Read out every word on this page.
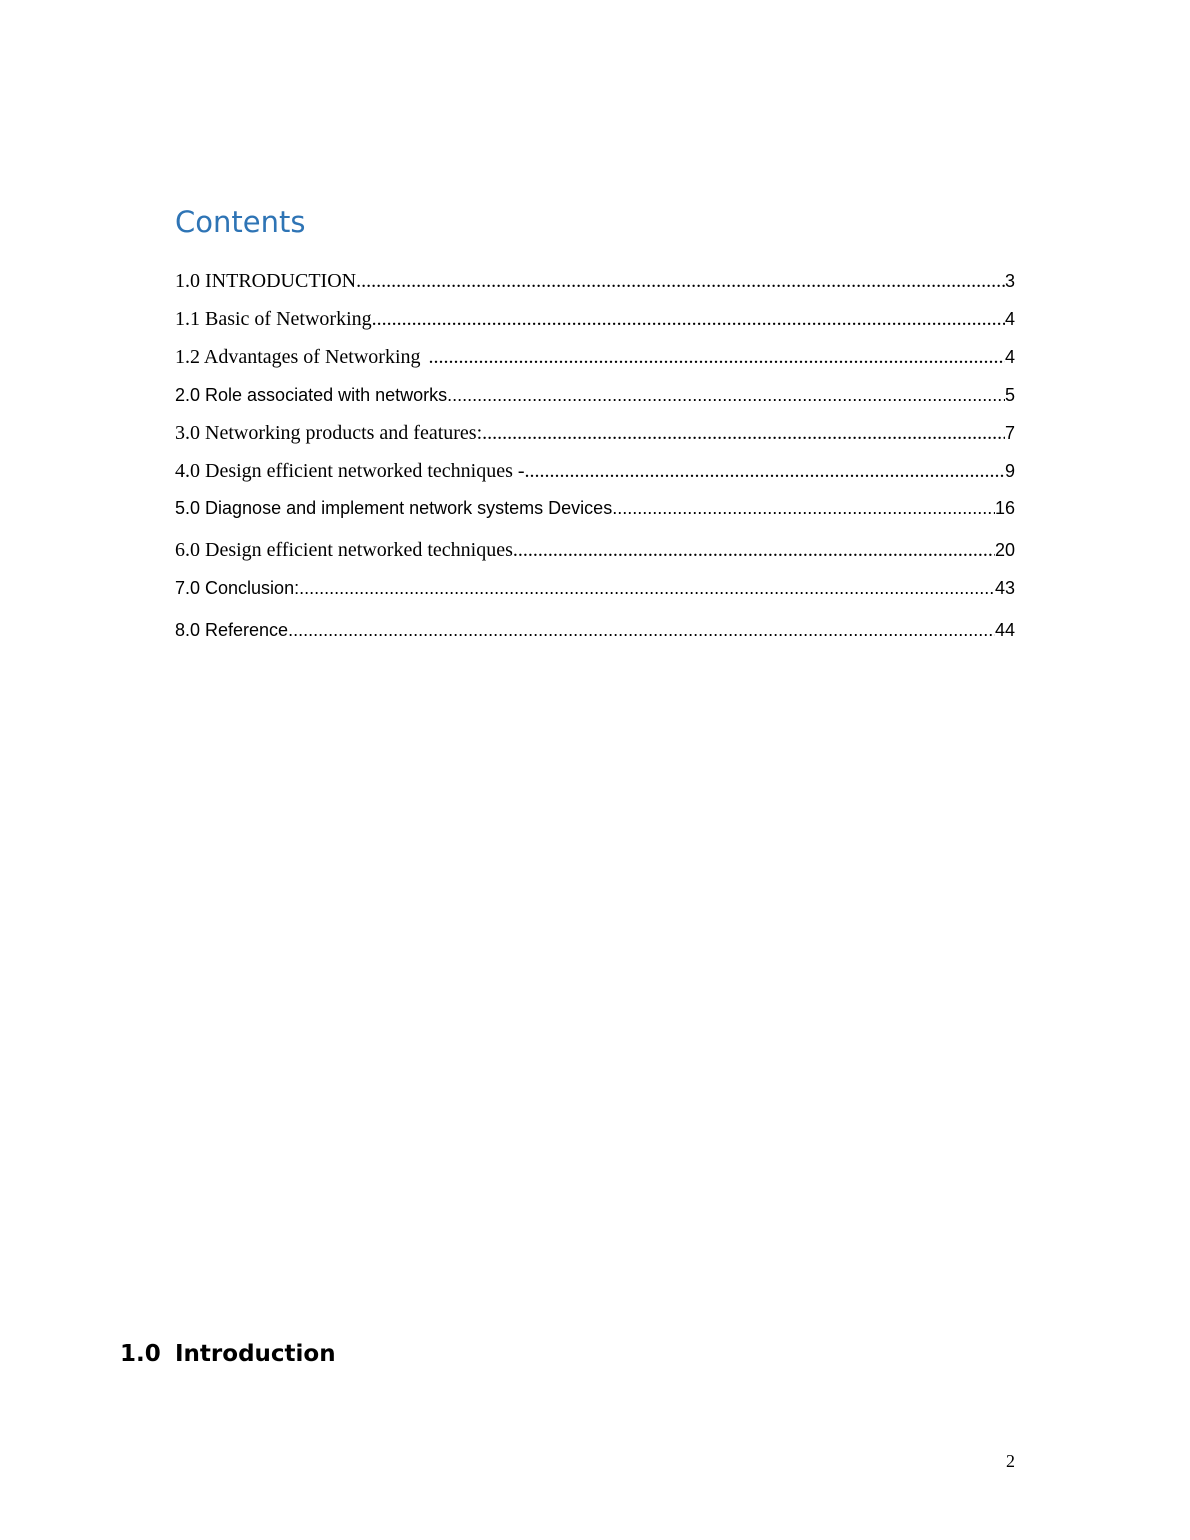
Contents
1.0 INTRODUCTION .....	3
1.1 Basic of Networking .....	4
1.2 Advantages of Networking .....	4
2.0 Role associated with networks .....	5
3.0 Networking products and features: .....	7
4.0 Design efficient networked techniques - .....	9
5.0 Diagnose and implement network systems Devices .....	16
6.0 Design efficient networked techniques .....	20
7.0 Conclusion: .....	43
8.0 Reference .....	44
1.0 Introduction
2
